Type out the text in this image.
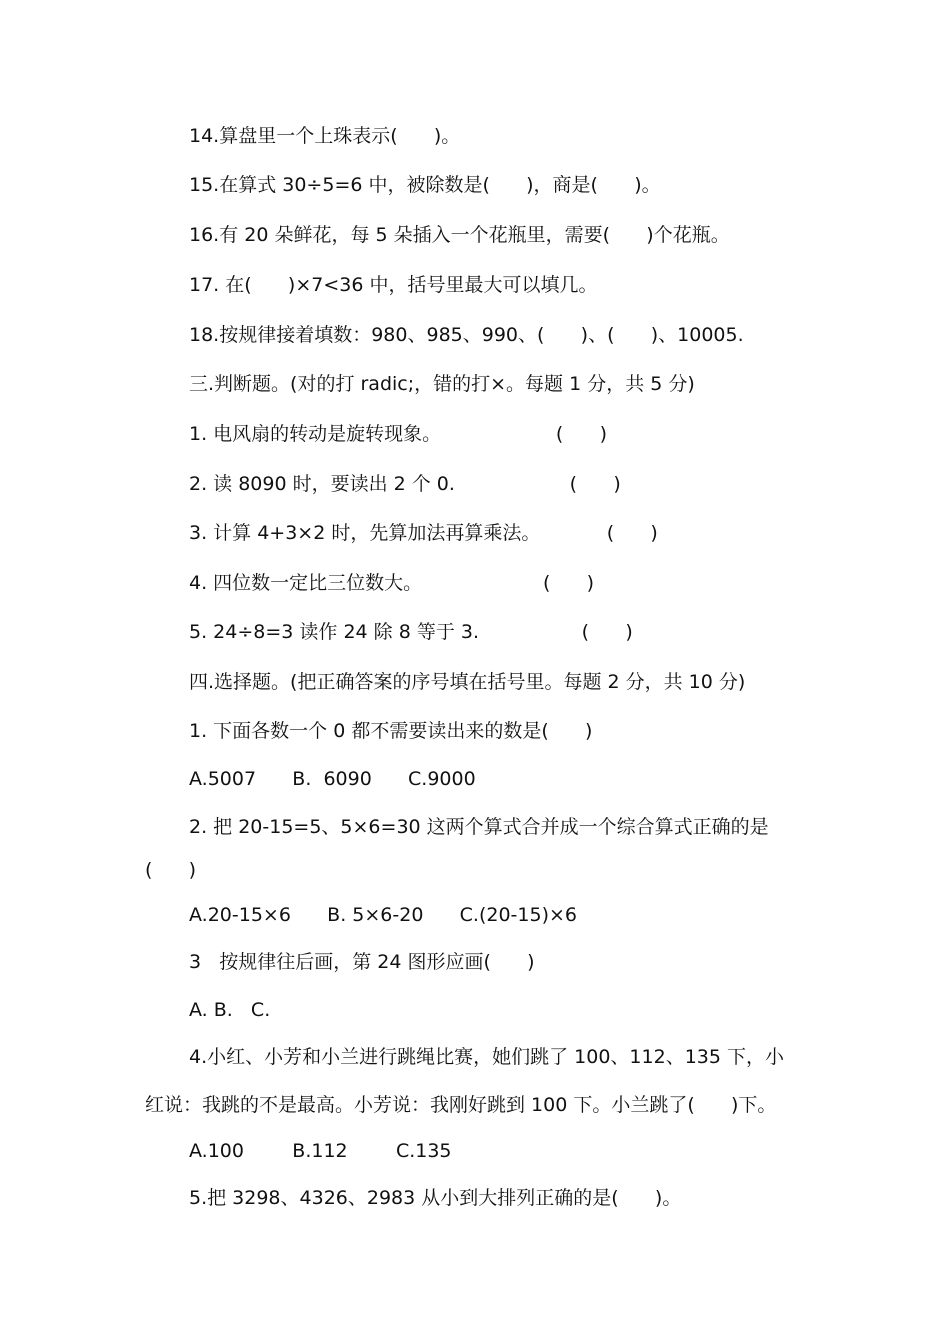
14.算盘里一个上珠表示(      )。
15.在算式 30÷5=6 中，被除数是(      )，商是(      )。
16.有 20 朵鲜花，每 5 朵插入一个花瓶里，需要(      )个花瓶。
17. 在(      )×7<36 中，括号里最大可以填几。
18.按规律接着填数：980、985、990、(      )、(      )、10005.
三.判断题。(对的打 radic;，错的打×。每题 1 分，共 5 分)
1. 电风扇的转动是旋转现象。                   (      )
2. 读 8090 时，要读出 2 个 0.                   (      )
3. 计算 4+3×2 时，先算加法再算乘法。           (      )
4. 四位数一定比三位数大。                    (      )
5. 24÷8=3 读作 24 除 8 等于 3.                 (      )
四.选择题。(把正确答案的序号填在括号里。每题 2 分，共 10 分)
1. 下面各数一个 0 都不需要读出来的数是(      )
A.5007      B.  6090      C.9000
2. 把 20-15=5、5×6=30 这两个算式合并成一个综合算式正确的是
(      )
A.20-15×6      B. 5×6-20      C.(20-15)×6
3   按规律往后画，第 24 图形应画(      )
A. B.   C.
4.小红、小芳和小兰进行跳绳比赛，她们跳了 100、112、135 下，小
红说：我跳的不是最高。小芳说：我刚好跳到 100 下。小兰跳了(      )下。
A.100        B.112        C.135
5.把 3298、4326、2983 从小到大排列正确的是(      )。
